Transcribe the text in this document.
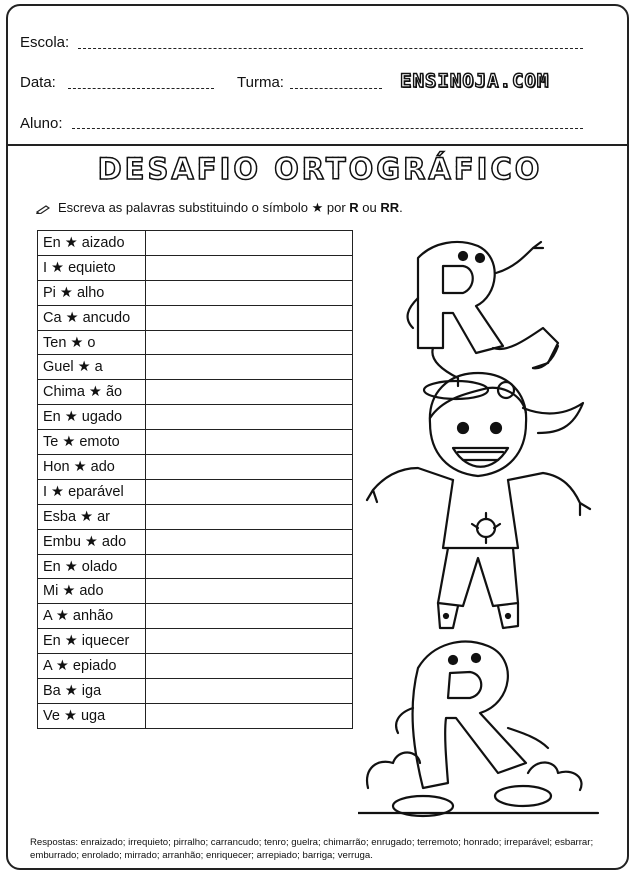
Escola:
Data:	Turma:	ENSINOJA.COM
Aluno:
DESAFIO ORTOGRÁFICO
Escreva as palavras substituindo o símbolo ★ por R ou RR.
En ★ aizado	
I ★ equieto	
Pi ★ alho	
Ca ★ ancudo	
Ten ★ o	
Guel ★ a	
Chima ★ ão	
En ★ ugado	
Te ★ emoto	
Hon ★ ado	
I ★ eparável	
Esba ★ ar	
Embu ★ ado	
En ★ olado	
Mi ★ ado	
A ★ anhão	
En ★ iquecer	
A ★ epiado	
Ba ★ iga	
Ve ★ uga	
Respostas: enraizado; irrequieto; pirralho; carrancudo; tenro; guelra; chimarrão; enrugado; terremoto; honrado; irreparável; esbarrar; emburrado; enrolado; mirrado; arranhão; enriquecer; arrepiado; barriga; verruga.
